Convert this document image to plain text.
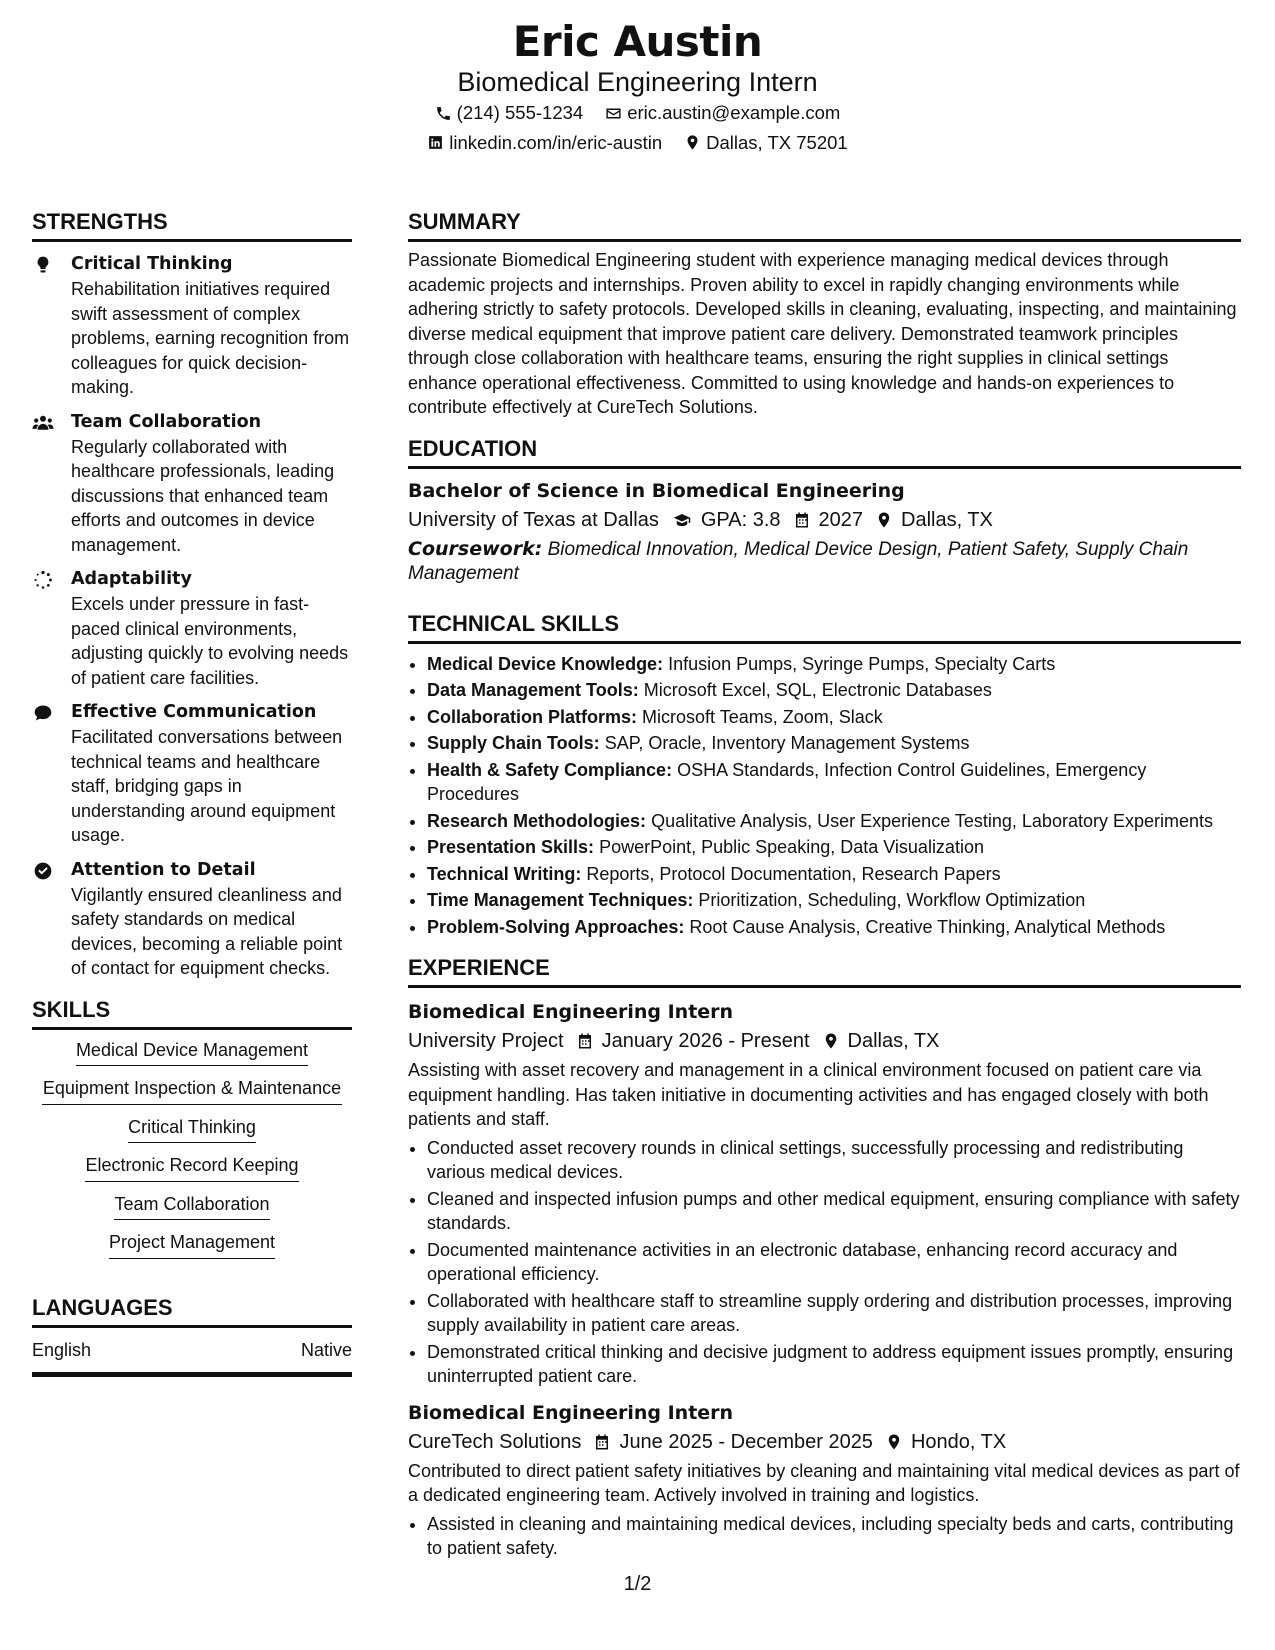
Eric Austin
Biomedical Engineering Intern
(214) 555-1234 eric.austin@example.com
linkedin.com/in/eric-austin Dallas, TX 75201
STRENGTHS
Critical Thinking
Rehabilitation initiatives required swift assessment of complex problems, earning recognition from colleagues for quick decision-making.
Team Collaboration
Regularly collaborated with healthcare professionals, leading discussions that enhanced team efforts and outcomes in device management.
Adaptability
Excels under pressure in fast-paced clinical environments, adjusting quickly to evolving needs of patient care facilities.
Effective Communication
Facilitated conversations between technical teams and healthcare staff, bridging gaps in understanding around equipment usage.
Attention to Detail
Vigilantly ensured cleanliness and safety standards on medical devices, becoming a reliable point of contact for equipment checks.
SKILLS
Medical Device Management
Equipment Inspection & Maintenance
Critical Thinking
Electronic Record Keeping
Team Collaboration
Project Management
LANGUAGES
English	Native
SUMMARY
Passionate Biomedical Engineering student with experience managing medical devices through academic projects and internships. Proven ability to excel in rapidly changing environments while adhering strictly to safety protocols. Developed skills in cleaning, evaluating, inspecting, and maintaining diverse medical equipment that improve patient care delivery. Demonstrated teamwork principles through close collaboration with healthcare teams, ensuring the right supplies in clinical settings enhance operational effectiveness. Committed to using knowledge and hands-on experiences to contribute effectively at CureTech Solutions.
EDUCATION
Bachelor of Science in Biomedical Engineering
University of Texas at Dallas GPA: 3.8 2027 Dallas, TX
Coursework: Biomedical Innovation, Medical Device Design, Patient Safety, Supply Chain Management
TECHNICAL SKILLS
• Medical Device Knowledge: Infusion Pumps, Syringe Pumps, Specialty Carts
• Data Management Tools: Microsoft Excel, SQL, Electronic Databases
• Collaboration Platforms: Microsoft Teams, Zoom, Slack
• Supply Chain Tools: SAP, Oracle, Inventory Management Systems
• Health & Safety Compliance: OSHA Standards, Infection Control Guidelines, Emergency Procedures
• Research Methodologies: Qualitative Analysis, User Experience Testing, Laboratory Experiments
• Presentation Skills: PowerPoint, Public Speaking, Data Visualization
• Technical Writing: Reports, Protocol Documentation, Research Papers
• Time Management Techniques: Prioritization, Scheduling, Workflow Optimization
• Problem-Solving Approaches: Root Cause Analysis, Creative Thinking, Analytical Methods
EXPERIENCE
Biomedical Engineering Intern
University Project January 2026 - Present Dallas, TX
Assisting with asset recovery and management in a clinical environment focused on patient care via equipment handling. Has taken initiative in documenting activities and has engaged closely with both patients and staff.
• Conducted asset recovery rounds in clinical settings, successfully processing and redistributing various medical devices.
• Cleaned and inspected infusion pumps and other medical equipment, ensuring compliance with safety standards.
• Documented maintenance activities in an electronic database, enhancing record accuracy and operational efficiency.
• Collaborated with healthcare staff to streamline supply ordering and distribution processes, improving supply availability in patient care areas.
• Demonstrated critical thinking and decisive judgment to address equipment issues promptly, ensuring uninterrupted patient care.
Biomedical Engineering Intern
CureTech Solutions June 2025 - December 2025 Hondo, TX
Contributed to direct patient safety initiatives by cleaning and maintaining vital medical devices as part of a dedicated engineering team. Actively involved in training and logistics.
• Assisted in cleaning and maintaining medical devices, including specialty beds and carts, contributing to patient safety.
1/2
